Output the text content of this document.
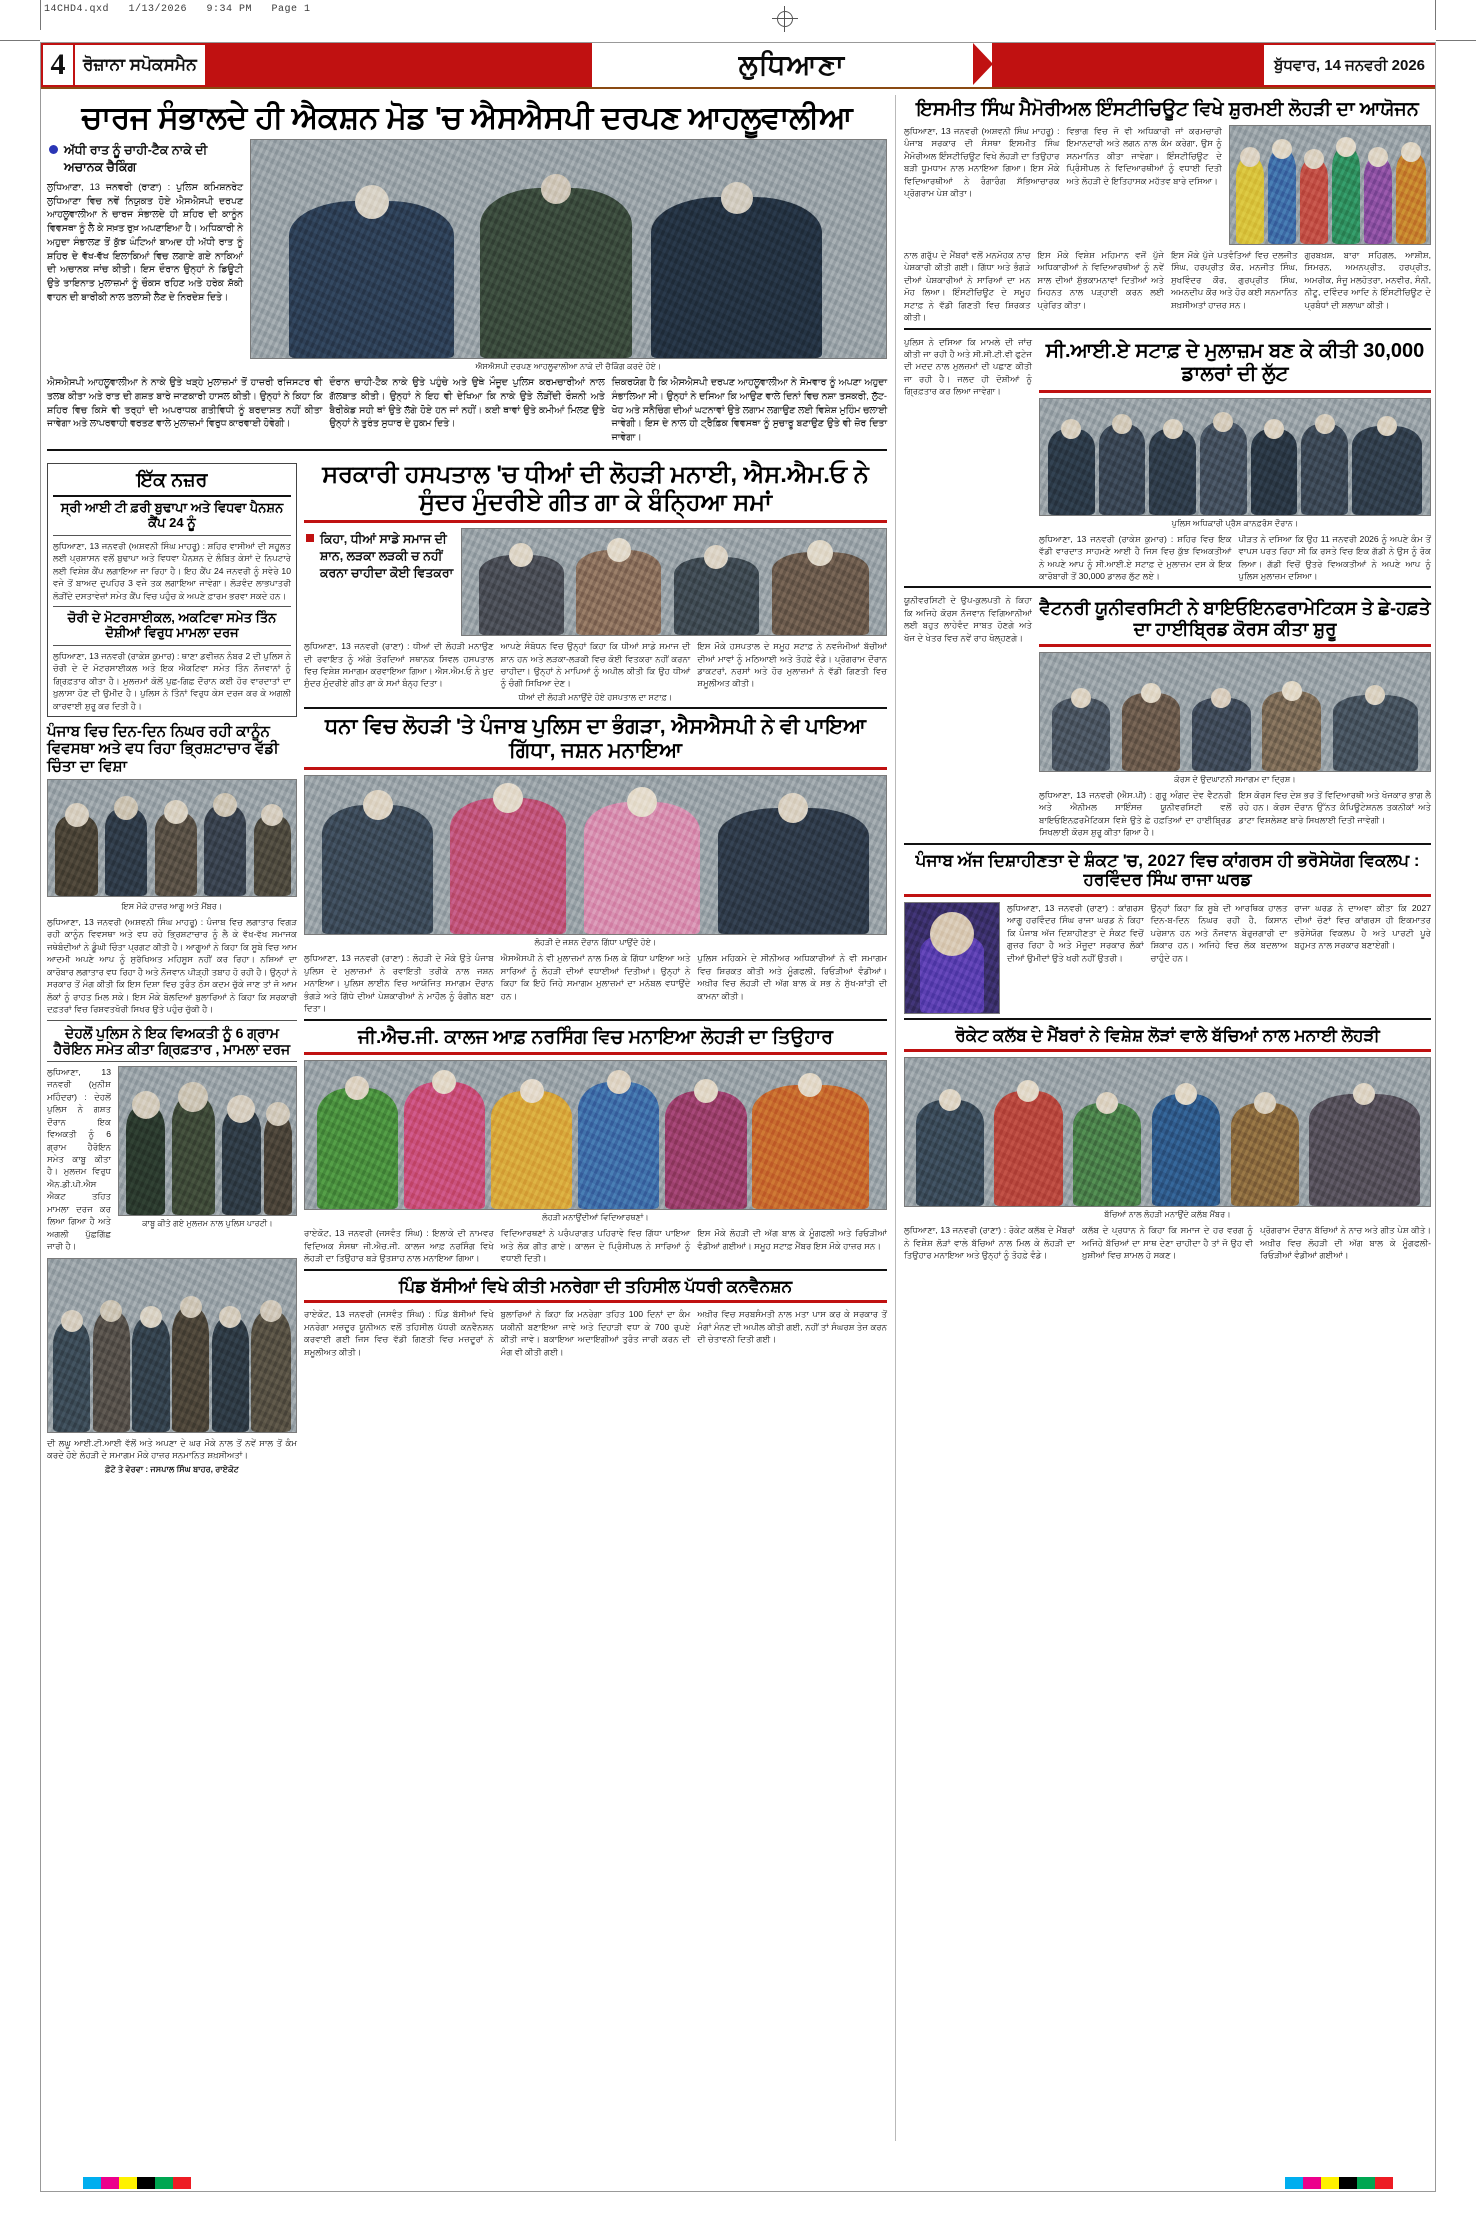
14CHD4.qxd   1/13/2026   9:34 PM   Page 1
4	ਰੋਜ਼ਾਨਾ ਸਪੋਕਸਮੈਨ	ਲੁਧਿਆਣਾ	ਬੁੱਧਵਾਰ, 14 ਜਨਵਰੀ 2026
ਚਾਰਜ ਸੰਭਾਲਦੇ ਹੀ ਐਕਸ਼ਨ ਮੋਡ 'ਚ ਐਸਐਸਪੀ ਦਰਪਣ ਆਹਲੂਵਾਲੀਆ
ਅੱਧੀ ਰਾਤ ਨੂੰ ਚਾਹੀ-ਟੈਕ ਨਾਕੇ ਦੀ ਅਚਾਨਕ ਚੈਕਿੰਗ
ਲੁਧਿਆਣਾ, 13 ਜਨਵਰੀ (ਰਾਣਾ) : ਪੁਲਿਸ ਕਮਿਸ਼ਨਰੇਟ ਲੁਧਿਆਣਾ ਵਿਚ ਨਵੇਂ ਨਿਯੁਕਤ ਹੋਏ ਐਸਐਸਪੀ ਦਰਪਣ ਆਹਲੂਵਾਲੀਆ ਨੇ ਚਾਰਜ ਸੰਭਾਲਦੇ ਹੀ ਸ਼ਹਿਰ ਦੀ ਕਾਨੂੰਨ ਵਿਵਸਥਾ ਨੂੰ ਲੈ ਕੇ ਸਖ਼ਤ ਰੁਖ਼ ਅਪਣਾਇਆ ਹੈ। ਅਧਿਕਾਰੀ ਨੇ ਅਹੁਦਾ ਸੰਭਾਲਣ ਤੋਂ ਕੁੱਝ ਘੰਟਿਆਂ ਬਾਅਦ ਹੀ ਅੱਧੀ ਰਾਤ ਨੂੰ ਸ਼ਹਿਰ ਦੇ ਵੱਖ-ਵੱਖ ਇਲਾਕਿਆਂ ਵਿਚ ਲਗਾਏ ਗਏ ਨਾਕਿਆਂ ਦੀ ਅਚਾਨਕ ਜਾਂਚ ਕੀਤੀ। ਇਸ ਦੌਰਾਨ ਉਨ੍ਹਾਂ ਨੇ ਡਿਊਟੀ ਉਤੇ ਤਾਇਨਾਤ ਮੁਲਾਜ਼ਮਾਂ ਨੂੰ ਚੌਕਸ ਰਹਿਣ ਅਤੇ ਹਰੇਕ ਸ਼ੱਕੀ ਵਾਹਨ ਦੀ ਬਾਰੀਕੀ ਨਾਲ ਤਲਾਸ਼ੀ ਲੈਣ ਦੇ ਨਿਰਦੇਸ਼ ਦਿਤੇ।
ਐਸਐਸਪੀ ਦਰਪਣ ਆਹਲੂਵਾਲੀਆ ਨਾਕੇ ਦੀ ਚੈਕਿੰਗ ਕਰਦੇ ਹੋਏ।
ਐਸਐਸਪੀ ਆਹਲੂਵਾਲੀਆ ਨੇ ਨਾਕੇ ਉਤੇ ਖੜ੍ਹੇ ਮੁਲਾਜ਼ਮਾਂ ਤੋਂ ਹਾਜ਼ਰੀ ਰਜਿਸਟਰ ਵੀ ਤਲਬ ਕੀਤਾ ਅਤੇ ਰਾਤ ਦੀ ਗਸ਼ਤ ਬਾਰੇ ਜਾਣਕਾਰੀ ਹਾਸਲ ਕੀਤੀ। ਉਨ੍ਹਾਂ ਨੇ ਕਿਹਾ ਕਿ ਸ਼ਹਿਰ ਵਿਚ ਕਿਸੇ ਵੀ ਤਰ੍ਹਾਂ ਦੀ ਅਪਰਾਧਕ ਗਤੀਵਿਧੀ ਨੂੰ ਬਰਦਾਸ਼ਤ ਨਹੀਂ ਕੀਤਾ ਜਾਵੇਗਾ ਅਤੇ ਲਾਪਰਵਾਹੀ ਵਰਤਣ ਵਾਲੇ ਮੁਲਾਜ਼ਮਾਂ ਵਿਰੁਧ ਕਾਰਵਾਈ ਹੋਵੇਗੀ।
ਦੌਰਾਨ ਚਾਹੀ-ਟੈਕ ਨਾਕੇ ਉਤੇ ਪਹੁੰਚੇ ਅਤੇ ਉਥੇ ਮੌਜੂਦ ਪੁਲਿਸ ਕਰਮਚਾਰੀਆਂ ਨਾਲ ਗੱਲਬਾਤ ਕੀਤੀ। ਉਨ੍ਹਾਂ ਨੇ ਇਹ ਵੀ ਦੇਖਿਆ ਕਿ ਨਾਕੇ ਉਤੇ ਲੋੜੀਂਦੀ ਰੌਸ਼ਨੀ ਅਤੇ ਬੈਰੀਕੇਡ ਸਹੀ ਥਾਂ ਉਤੇ ਲੱਗੇ ਹੋਏ ਹਨ ਜਾਂ ਨਹੀਂ। ਕਈ ਥਾਵਾਂ ਉਤੇ ਕਮੀਆਂ ਮਿਲਣ ਉਤੇ ਉਨ੍ਹਾਂ ਨੇ ਤੁਰੰਤ ਸੁਧਾਰ ਦੇ ਹੁਕਮ ਦਿਤੇ।
ਜ਼ਿਕਰਯੋਗ ਹੈ ਕਿ ਐਸਐਸਪੀ ਦਰਪਣ ਆਹਲੂਵਾਲੀਆ ਨੇ ਸੋਮਵਾਰ ਨੂੰ ਅਪਣਾ ਅਹੁਦਾ ਸੰਭਾਲਿਆ ਸੀ। ਉਨ੍ਹਾਂ ਨੇ ਦਸਿਆ ਕਿ ਆਉਣ ਵਾਲੇ ਦਿਨਾਂ ਵਿਚ ਨਸ਼ਾ ਤਸਕਰੀ, ਲੁੱਟ-ਖੋਹ ਅਤੇ ਸਨੈਚਿੰਗ ਦੀਆਂ ਘਟਨਾਵਾਂ ਉਤੇ ਲਗਾਮ ਲਗਾਉਣ ਲਈ ਵਿਸ਼ੇਸ਼ ਮੁਹਿੰਮ ਚਲਾਈ ਜਾਵੇਗੀ। ਇਸ ਦੇ ਨਾਲ ਹੀ ਟ੍ਰੈਫ਼ਿਕ ਵਿਵਸਥਾ ਨੂੰ ਸੁਚਾਰੂ ਬਣਾਉਣ ਉਤੇ ਵੀ ਜ਼ੋਰ ਦਿਤਾ ਜਾਵੇਗਾ।
ਇੱਕ ਨਜ਼ਰ
ਸ੍ਰੀ ਆਈ ਟੀ ਫ਼ਰੀ ਬੁਢਾਪਾ ਅਤੇ ਵਿਧਵਾ ਪੈਨਸ਼ਨ ਕੈਂਪ 24 ਨੂੰ
ਲੁਧਿਆਣਾ, 13 ਜਨਵਰੀ (ਅਸ਼ਵਨੀ ਸਿੰਘ ਮਾਹਰੂ) : ਸ਼ਹਿਰ ਵਾਸੀਆਂ ਦੀ ਸਹੂਲਤ ਲਈ ਪ੍ਰਸ਼ਾਸਨ ਵਲੋਂ ਬੁਢਾਪਾ ਅਤੇ ਵਿਧਵਾ ਪੈਨਸ਼ਨ ਦੇ ਲੰਬਿਤ ਕੇਸਾਂ ਦੇ ਨਿਪਟਾਰੇ ਲਈ ਵਿਸ਼ੇਸ਼ ਕੈਂਪ ਲਗਾਇਆ ਜਾ ਰਿਹਾ ਹੈ। ਇਹ ਕੈਂਪ 24 ਜਨਵਰੀ ਨੂੰ ਸਵੇਰੇ 10 ਵਜੇ ਤੋਂ ਬਾਅਦ ਦੁਪਹਿਰ 3 ਵਜੇ ਤਕ ਲਗਾਇਆ ਜਾਵੇਗਾ। ਲੋੜਵੰਦ ਲਾਭਪਾਤਰੀ ਲੋੜੀਂਦੇ ਦਸਤਾਵੇਜ਼ਾਂ ਸਮੇਤ ਕੈਂਪ ਵਿਚ ਪਹੁੰਚ ਕੇ ਅਪਣੇ ਫ਼ਾਰਮ ਭਰਵਾ ਸਕਦੇ ਹਨ।
ਚੋਰੀ ਦੇ ਮੋਟਰਸਾਈਕਲ, ਅਕਟਿਵਾ ਸਮੇਤ ਤਿੰਨ ਦੋਸ਼ੀਆਂ ਵਿਰੁਧ ਮਾਮਲਾ ਦਰਜ
ਲੁਧਿਆਣਾ, 13 ਜਨਵਰੀ (ਰਾਕੇਸ਼ ਕੁਮਾਰ) : ਥਾਣਾ ਡਵੀਜ਼ਨ ਨੰਬਰ 2 ਦੀ ਪੁਲਿਸ ਨੇ ਚੋਰੀ ਦੇ ਦੋ ਮੋਟਰਸਾਈਕਲ ਅਤੇ ਇਕ ਐਕਟਿਵਾ ਸਮੇਤ ਤਿੰਨ ਨੌਜਵਾਨਾਂ ਨੂੰ ਗ੍ਰਿਫ਼ਤਾਰ ਕੀਤਾ ਹੈ। ਮੁਲਜ਼ਮਾਂ ਕੋਲੋਂ ਪੁਛ-ਗਿਛ ਦੌਰਾਨ ਕਈ ਹੋਰ ਵਾਰਦਾਤਾਂ ਦਾ ਖ਼ੁਲਾਸਾ ਹੋਣ ਦੀ ਉਮੀਦ ਹੈ। ਪੁਲਿਸ ਨੇ ਤਿੰਨਾਂ ਵਿਰੁਧ ਕੇਸ ਦਰਜ ਕਰ ਕੇ ਅਗਲੀ ਕਾਰਵਾਈ ਸ਼ੁਰੂ ਕਰ ਦਿਤੀ ਹੈ।
ਪੰਜਾਬ ਵਿਚ ਦਿਨ-ਦਿਨ ਨਿਘਰ ਰਹੀ ਕਾਨੂੰਨ ਵਿਵਸਥਾ ਅਤੇ ਵਧ ਰਿਹਾ ਭ੍ਰਿਸ਼ਟਾਚਾਰ ਵੱਡੀ ਚਿੰਤਾ ਦਾ ਵਿਸ਼ਾ
ਇਸ ਮੌਕੇ ਹਾਜ਼ਰ ਆਗੂ ਅਤੇ ਮੈਂਬਰ।
ਲੁਧਿਆਣਾ, 13 ਜਨਵਰੀ (ਅਸ਼ਵਨੀ ਸਿੰਘ ਮਾਹਰੂ) : ਪੰਜਾਬ ਵਿਚ ਲਗਾਤਾਰ ਵਿਗੜ ਰਹੀ ਕਾਨੂੰਨ ਵਿਵਸਥਾ ਅਤੇ ਵਧ ਰਹੇ ਭ੍ਰਿਸ਼ਟਾਚਾਰ ਨੂੰ ਲੈ ਕੇ ਵੱਖ-ਵੱਖ ਸਮਾਜਕ ਜਥੇਬੰਦੀਆਂ ਨੇ ਡੂੰਘੀ ਚਿੰਤਾ ਪ੍ਰਗਟ ਕੀਤੀ ਹੈ। ਆਗੂਆਂ ਨੇ ਕਿਹਾ ਕਿ ਸੂਬੇ ਵਿਚ ਆਮ ਆਦਮੀ ਅਪਣੇ ਆਪ ਨੂੰ ਸੁਰੱਖਿਅਤ ਮਹਿਸੂਸ ਨਹੀਂ ਕਰ ਰਿਹਾ। ਨਸ਼ਿਆਂ ਦਾ ਕਾਰੋਬਾਰ ਲਗਾਤਾਰ ਵਧ ਰਿਹਾ ਹੈ ਅਤੇ ਨੌਜਵਾਨ ਪੀੜ੍ਹੀ ਤਬਾਹ ਹੋ ਰਹੀ ਹੈ। ਉਨ੍ਹਾਂ ਨੇ ਸਰਕਾਰ ਤੋਂ ਮੰਗ ਕੀਤੀ ਕਿ ਇਸ ਦਿਸ਼ਾ ਵਿਚ ਤੁਰੰਤ ਠੋਸ ਕਦਮ ਚੁੱਕੇ ਜਾਣ ਤਾਂ ਜੋ ਆਮ ਲੋਕਾਂ ਨੂੰ ਰਾਹਤ ਮਿਲ ਸਕੇ। ਇਸ ਮੌਕੇ ਬੋਲਦਿਆਂ ਬੁਲਾਰਿਆਂ ਨੇ ਕਿਹਾ ਕਿ ਸਰਕਾਰੀ ਦਫ਼ਤਰਾਂ ਵਿਚ ਰਿਸ਼ਵਤਖੋਰੀ ਸਿਖਰ ਉਤੇ ਪਹੁੰਚ ਚੁੱਕੀ ਹੈ।
ਦੇਹਲੋਂ ਪੁਲਿਸ ਨੇ ਇਕ ਵਿਅਕਤੀ ਨੂੰ 6 ਗ੍ਰਾਮ ਹੈਰੋਇਨ ਸਮੇਤ ਕੀਤਾ ਗ੍ਰਿਫ਼ਤਾਰ , ਮਾਮਲਾ ਦਰਜ
ਲੁਧਿਆਣਾ, 13 ਜਨਵਰੀ (ਮੁਨੀਸ਼ ਮਹਿੰਦਰਾ) : ਦੇਹਲੋਂ ਪੁਲਿਸ ਨੇ ਗਸ਼ਤ ਦੌਰਾਨ ਇਕ ਵਿਅਕਤੀ ਨੂੰ 6 ਗ੍ਰਾਮ ਹੈਰੋਇਨ ਸਮੇਤ ਕਾਬੂ ਕੀਤਾ ਹੈ। ਮੁਲਜ਼ਮ ਵਿਰੁਧ ਐਨ.ਡੀ.ਪੀ.ਐਸ ਐਕਟ ਤਹਿਤ ਮਾਮਲਾ ਦਰਜ ਕਰ ਲਿਆ ਗਿਆ ਹੈ ਅਤੇ ਅਗਲੀ ਪੁੱਛਗਿੱਛ ਜਾਰੀ ਹੈ।
ਕਾਬੂ ਕੀਤੇ ਗਏ ਮੁਲਜ਼ਮ ਨਾਲ ਪੁਲਿਸ ਪਾਰਟੀ।
ਦੀ ਲਘੂ ਆਈ.ਟੀ.ਆਈ ਵੱਲੋਂ ਅਤੇ ਅਪਣਾ ਦੇ ਘਰ ਮੌਕੇ ਨਾਲ ਤੋਂ ਨਵੇਂ ਸਾਲ ਤੋਂ ਕੰਮ ਕਰਦੇ ਹੋਏ ਲੋਹੜੀ ਦੇ ਸਮਾਗਮ ਮੌਕੇ ਹਾਜ਼ਰ ਸਨਮਾਨਿਤ ਸ਼ਖ਼ਸੀਅਤਾਂ।
ਫ਼ੋਟੋ ਤੇ ਵੇਰਵਾ : ਜਸਪਾਲ ਸਿੰਘ ਬਾਹਰ, ਰਾਏਕੋਟ
ਸਰਕਾਰੀ ਹਸਪਤਾਲ 'ਚ ਧੀਆਂ ਦੀ ਲੋਹੜੀ ਮਨਾਈ, ਐਸ.ਐਮ.ਓ ਨੇ ਸੁੰਦਰ ਮੁੰਦਰੀਏ ਗੀਤ ਗਾ ਕੇ ਬੰਨ੍ਹਿਆ ਸਮਾਂ
ਕਿਹਾ, ਧੀਆਂ ਸਾਡੇ ਸਮਾਜ ਦੀ ਸ਼ਾਨ, ਲੜਕਾ ਲੜਕੀ ਚ ਨਹੀਂ ਕਰਨਾ ਚਾਹੀਦਾ ਕੋਈ ਵਿਤਕਰਾ
ਲੁਧਿਆਣਾ, 13 ਜਨਵਰੀ (ਰਾਣਾ) : ਧੀਆਂ ਦੀ ਲੋਹੜੀ ਮਨਾਉਣ ਦੀ ਰਵਾਇਤ ਨੂੰ ਅੱਗੇ ਤੋਰਦਿਆਂ ਸਥਾਨਕ ਸਿਵਲ ਹਸਪਤਾਲ ਵਿਚ ਵਿਸ਼ੇਸ਼ ਸਮਾਗਮ ਕਰਵਾਇਆ ਗਿਆ। ਐਸ.ਐਮ.ਓ ਨੇ ਖ਼ੁਦ ਸੁੰਦਰ ਮੁੰਦਰੀਏ ਗੀਤ ਗਾ ਕੇ ਸਮਾਂ ਬੰਨ੍ਹ ਦਿਤਾ।
ਆਪਣੇ ਸੰਬੋਧਨ ਵਿਚ ਉਨ੍ਹਾਂ ਕਿਹਾ ਕਿ ਧੀਆਂ ਸਾਡੇ ਸਮਾਜ ਦੀ ਸ਼ਾਨ ਹਨ ਅਤੇ ਲੜਕਾ-ਲੜਕੀ ਵਿਚ ਕੋਈ ਵਿਤਕਰਾ ਨਹੀਂ ਕਰਨਾ ਚਾਹੀਦਾ। ਉਨ੍ਹਾਂ ਨੇ ਮਾਪਿਆਂ ਨੂੰ ਅਪੀਲ ਕੀਤੀ ਕਿ ਉਹ ਧੀਆਂ ਨੂੰ ਚੰਗੀ ਸਿਖਿਆ ਦੇਣ।
ਇਸ ਮੌਕੇ ਹਸਪਤਾਲ ਦੇ ਸਮੂਹ ਸਟਾਫ਼ ਨੇ ਨਵਜੰਮੀਆਂ ਬੱਚੀਆਂ ਦੀਆਂ ਮਾਵਾਂ ਨੂੰ ਮਠਿਆਈ ਅਤੇ ਤੋਹਫ਼ੇ ਵੰਡੇ। ਪ੍ਰੋਗਰਾਮ ਦੌਰਾਨ ਡਾਕਟਰਾਂ, ਨਰਸਾਂ ਅਤੇ ਹੋਰ ਮੁਲਾਜ਼ਮਾਂ ਨੇ ਵੱਡੀ ਗਿਣਤੀ ਵਿਚ ਸ਼ਮੂਲੀਅਤ ਕੀਤੀ।
ਧੀਆਂ ਦੀ ਲੋਹੜੀ ਮਨਾਉਂਦੇ ਹੋਏ ਹਸਪਤਾਲ ਦਾ ਸਟਾਫ਼।
ਧਨਾ ਵਿਚ ਲੋਹੜੀ 'ਤੇ ਪੰਜਾਬ ਪੁਲਿਸ ਦਾ ਭੰਗੜਾ, ਐਸਐਸਪੀ ਨੇ ਵੀ ਪਾਇਆ ਗਿੱਧਾ, ਜਸ਼ਨ ਮਨਾਇਆ
ਲੋਹੜੀ ਦੇ ਜਸ਼ਨ ਦੌਰਾਨ ਗਿੱਧਾ ਪਾਉਂਦੇ ਹੋਏ।
ਲੁਧਿਆਣਾ, 13 ਜਨਵਰੀ (ਰਾਣਾ) : ਲੋਹੜੀ ਦੇ ਮੌਕੇ ਉਤੇ ਪੰਜਾਬ ਪੁਲਿਸ ਦੇ ਮੁਲਾਜ਼ਮਾਂ ਨੇ ਰਵਾਇਤੀ ਤਰੀਕੇ ਨਾਲ ਜਸ਼ਨ ਮਨਾਇਆ। ਪੁਲਿਸ ਲਾਈਨ ਵਿਚ ਆਯੋਜਿਤ ਸਮਾਗਮ ਦੌਰਾਨ ਭੰਗੜੇ ਅਤੇ ਗਿੱਧੇ ਦੀਆਂ ਪੇਸ਼ਕਾਰੀਆਂ ਨੇ ਮਾਹੌਲ ਨੂੰ ਰੰਗੀਨ ਬਣਾ ਦਿਤਾ।
ਐਸਐਸਪੀ ਨੇ ਵੀ ਮੁਲਾਜ਼ਮਾਂ ਨਾਲ ਮਿਲ ਕੇ ਗਿੱਧਾ ਪਾਇਆ ਅਤੇ ਸਾਰਿਆਂ ਨੂੰ ਲੋਹੜੀ ਦੀਆਂ ਵਧਾਈਆਂ ਦਿਤੀਆਂ। ਉਨ੍ਹਾਂ ਨੇ ਕਿਹਾ ਕਿ ਇਹੋ ਜਿਹੇ ਸਮਾਗਮ ਮੁਲਾਜ਼ਮਾਂ ਦਾ ਮਨੋਬਲ ਵਧਾਉਂਦੇ ਹਨ।
ਪੁਲਿਸ ਮਹਿਕਮੇ ਦੇ ਸੀਨੀਅਰ ਅਧਿਕਾਰੀਆਂ ਨੇ ਵੀ ਸਮਾਗਮ ਵਿਚ ਸ਼ਿਰਕਤ ਕੀਤੀ ਅਤੇ ਮੂੰਗਫਲੀ, ਰਿਓੜੀਆਂ ਵੰਡੀਆਂ। ਅਖ਼ੀਰ ਵਿਚ ਲੋਹੜੀ ਦੀ ਅੱਗ ਬਾਲ ਕੇ ਸਭ ਨੇ ਸੁੱਖ-ਸ਼ਾਂਤੀ ਦੀ ਕਾਮਨਾ ਕੀਤੀ।
ਜੀ.ਐਚ.ਜੀ. ਕਾਲਜ ਆਫ਼ ਨਰਸਿੰਗ ਵਿਚ ਮਨਾਇਆ ਲੋਹੜੀ ਦਾ ਤਿਉਹਾਰ
ਲੋਹੜੀ ਮਨਾਉਂਦੀਆਂ ਵਿਦਿਆਰਥਣਾਂ।
ਰਾਏਕੋਟ, 13 ਜਨਵਰੀ (ਜਸਵੰਤ ਸਿੰਘ) : ਇਲਾਕੇ ਦੀ ਨਾਮਵਰ ਵਿਦਿਅਕ ਸੰਸਥਾ ਜੀ.ਐਚ.ਜੀ. ਕਾਲਜ ਆਫ਼ ਨਰਸਿੰਗ ਵਿਖੇ ਲੋਹੜੀ ਦਾ ਤਿਉਹਾਰ ਬੜੇ ਉਤਸ਼ਾਹ ਨਾਲ ਮਨਾਇਆ ਗਿਆ।
ਵਿਦਿਆਰਥਣਾਂ ਨੇ ਪਰੰਪਰਾਗਤ ਪਹਿਰਾਵੇ ਵਿਚ ਗਿੱਧਾ ਪਾਇਆ ਅਤੇ ਲੋਕ ਗੀਤ ਗਾਏ। ਕਾਲਜ ਦੇ ਪ੍ਰਿੰਸੀਪਲ ਨੇ ਸਾਰਿਆਂ ਨੂੰ ਵਧਾਈ ਦਿਤੀ।
ਇਸ ਮੌਕੇ ਲੋਹੜੀ ਦੀ ਅੱਗ ਬਾਲ ਕੇ ਮੂੰਗਫਲੀ ਅਤੇ ਰਿਓੜੀਆਂ ਵੰਡੀਆਂ ਗਈਆਂ। ਸਮੂਹ ਸਟਾਫ਼ ਮੈਂਬਰ ਇਸ ਮੌਕੇ ਹਾਜ਼ਰ ਸਨ।
ਪਿੰਡ ਬੱਸੀਆਂ ਵਿਖੇ ਕੀਤੀ ਮਨਰੇਗਾ ਦੀ ਤਹਿਸੀਲ ਪੱਧਰੀ ਕਨਵੈਨਸ਼ਨ
ਰਾਏਕੋਟ, 13 ਜਨਵਰੀ (ਜਸਵੰਤ ਸਿੰਘ) : ਪਿੰਡ ਬੱਸੀਆਂ ਵਿਖੇ ਮਨਰੇਗਾ ਮਜ਼ਦੂਰ ਯੂਨੀਅਨ ਵਲੋਂ ਤਹਿਸੀਲ ਪੱਧਰੀ ਕਨਵੈਨਸ਼ਨ ਕਰਵਾਈ ਗਈ ਜਿਸ ਵਿਚ ਵੱਡੀ ਗਿਣਤੀ ਵਿਚ ਮਜ਼ਦੂਰਾਂ ਨੇ ਸ਼ਮੂਲੀਅਤ ਕੀਤੀ।
ਬੁਲਾਰਿਆਂ ਨੇ ਕਿਹਾ ਕਿ ਮਨਰੇਗਾ ਤਹਿਤ 100 ਦਿਨਾਂ ਦਾ ਕੰਮ ਯਕੀਨੀ ਬਣਾਇਆ ਜਾਵੇ ਅਤੇ ਦਿਹਾੜੀ ਵਧਾ ਕੇ 700 ਰੁਪਏ ਕੀਤੀ ਜਾਵੇ। ਬਕਾਇਆ ਅਦਾਇਗੀਆਂ ਤੁਰੰਤ ਜਾਰੀ ਕਰਨ ਦੀ ਮੰਗ ਵੀ ਕੀਤੀ ਗਈ।
ਅਖ਼ੀਰ ਵਿਚ ਸਰਬਸੰਮਤੀ ਨਾਲ ਮਤਾ ਪਾਸ ਕਰ ਕੇ ਸਰਕਾਰ ਤੋਂ ਮੰਗਾਂ ਮੰਨਣ ਦੀ ਅਪੀਲ ਕੀਤੀ ਗਈ, ਨਹੀਂ ਤਾਂ ਸੰਘਰਸ਼ ਤੇਜ਼ ਕਰਨ ਦੀ ਚੇਤਾਵਨੀ ਦਿਤੀ ਗਈ।
ਇਸਮੀਤ ਸਿੰਘ ਮੈਮੋਰੀਅਲ ਇੰਸਟੀਚਿਊਟ ਵਿਖੇ ਸ਼ੁਰਮਈ ਲੋਹੜੀ ਦਾ ਆਯੋਜਨ
ਲੁਧਿਆਣਾ, 13 ਜਨਵਰੀ (ਅਸ਼ਵਨੀ ਸਿੰਘ ਮਾਹਰੂ) : ਪੰਜਾਬ ਸਰਕਾਰ ਦੀ ਸੰਸਥਾ ਇਸਮੀਤ ਸਿੰਘ ਮੈਮੋਰੀਅਲ ਇੰਸਟੀਚਿਊਟ ਵਿਖੇ ਲੋਹੜੀ ਦਾ ਤਿਉਹਾਰ ਬੜੀ ਧੂਮਧਾਮ ਨਾਲ ਮਨਾਇਆ ਗਿਆ। ਇਸ ਮੌਕੇ ਵਿਦਿਆਰਥੀਆਂ ਨੇ ਰੰਗਾਰੰਗ ਸੱਭਿਆਚਾਰਕ ਪ੍ਰੋਗਰਾਮ ਪੇਸ਼ ਕੀਤਾ।
ਵਿਭਾਗ ਵਿਚ ਜੋ ਵੀ ਅਧਿਕਾਰੀ ਜਾਂ ਕਰਮਚਾਰੀ ਇਮਾਨਦਾਰੀ ਅਤੇ ਲਗਨ ਨਾਲ ਕੰਮ ਕਰੇਗਾ, ਉਸ ਨੂੰ ਸਨਮਾਨਿਤ ਕੀਤਾ ਜਾਵੇਗਾ। ਇੰਸਟੀਚਿਊਟ ਦੇ ਪ੍ਰਿੰਸੀਪਲ ਨੇ ਵਿਦਿਆਰਥੀਆਂ ਨੂੰ ਵਧਾਈ ਦਿਤੀ ਅਤੇ ਲੋਹੜੀ ਦੇ ਇਤਿਹਾਸਕ ਮਹੱਤਵ ਬਾਰੇ ਦਸਿਆ।
ਨਾਲ ਗਰੁੱਪ ਦੇ ਮੈਂਬਰਾਂ ਵਲੋਂ ਮਨਮੋਹਕ ਨਾਚ ਪੇਸ਼ਕਾਰੀ ਕੀਤੀ ਗਈ। ਗਿੱਧਾ ਅਤੇ ਭੰਗੜੇ ਦੀਆਂ ਪੇਸ਼ਕਾਰੀਆਂ ਨੇ ਸਾਰਿਆਂ ਦਾ ਮਨ ਮੋਹ ਲਿਆ। ਇੰਸਟੀਚਿਊਟ ਦੇ ਸਮੂਹ ਸਟਾਫ਼ ਨੇ ਵੱਡੀ ਗਿਣਤੀ ਵਿਚ ਸ਼ਿਰਕਤ ਕੀਤੀ।
ਇਸ ਮੌਕੇ ਵਿਸ਼ੇਸ਼ ਮਹਿਮਾਨ ਵਜੋਂ ਪੁੱਜੇ ਅਧਿਕਾਰੀਆਂ ਨੇ ਵਿਦਿਆਰਥੀਆਂ ਨੂੰ ਨਵੇਂ ਸਾਲ ਦੀਆਂ ਸ਼ੁੱਭਕਾਮਨਾਵਾਂ ਦਿਤੀਆਂ ਅਤੇ ਮਿਹਨਤ ਨਾਲ ਪੜ੍ਹਾਈ ਕਰਨ ਲਈ ਪ੍ਰੇਰਿਤ ਕੀਤਾ।
ਇਸ ਮੌਕੇ ਪੁੱਜੇ ਪਤਵੰਤਿਆਂ ਵਿਚ ਦਲਜੀਤ ਸਿੰਘ, ਹਰਪ੍ਰੀਤ ਕੌਰ, ਮਨਜੀਤ ਸਿੰਘ, ਸੁਖਵਿੰਦਰ ਕੌਰ, ਗੁਰਪ੍ਰੀਤ ਸਿੰਘ, ਅਮਨਦੀਪ ਕੌਰ ਅਤੇ ਹੋਰ ਕਈ ਸਨਮਾਨਿਤ ਸ਼ਖ਼ਸੀਅਤਾਂ ਹਾਜ਼ਰ ਸਨ।
ਗੁਰਬਖ਼ਸ਼, ਬਾਰਾ ਸਹਿਗਲ, ਆਸ਼ੀਸ਼, ਸਿਮਰਨ, ਅਮਨਪ੍ਰੀਤ, ਹਰਪ੍ਰੀਤ, ਅਮਰੀਕ, ਸੰਜੂ ਮਲਹੋਤਰਾ, ਮਨਵੀਰ, ਸੰਨੀ, ਨੀਟੂ, ਦਵਿੰਦਰ ਆਦਿ ਨੇ ਇੰਸਟੀਚਿਊਟ ਦੇ ਪ੍ਰਬੰਧਾਂ ਦੀ ਸ਼ਲਾਘਾ ਕੀਤੀ।
ਪੁਲਿਸ ਨੇ ਦਸਿਆ ਕਿ ਮਾਮਲੇ ਦੀ ਜਾਂਚ ਕੀਤੀ ਜਾ ਰਹੀ ਹੈ ਅਤੇ ਸੀ.ਸੀ.ਟੀ.ਵੀ ਫੁਟੇਜ ਦੀ ਮਦਦ ਨਾਲ ਮੁਲਜ਼ਮਾਂ ਦੀ ਪਛਾਣ ਕੀਤੀ ਜਾ ਰਹੀ ਹੈ। ਜਲਦ ਹੀ ਦੋਸ਼ੀਆਂ ਨੂੰ ਗ੍ਰਿਫ਼ਤਾਰ ਕਰ ਲਿਆ ਜਾਵੇਗਾ।
ਸੀ.ਆਈ.ਏ ਸਟਾਫ਼ ਦੇ ਮੁਲਾਜ਼ਮ ਬਣ ਕੇ ਕੀਤੀ 30,000 ਡਾਲਰਾਂ ਦੀ ਲੁੱਟ
ਪੁਲਿਸ ਅਧਿਕਾਰੀ ਪ੍ਰੈਸ ਕਾਨਫ਼ਰੰਸ ਦੌਰਾਨ।
ਲੁਧਿਆਣਾ, 13 ਜਨਵਰੀ (ਰਾਕੇਸ਼ ਕੁਮਾਰ) : ਸ਼ਹਿਰ ਵਿਚ ਇਕ ਵੱਡੀ ਵਾਰਦਾਤ ਸਾਹਮਣੇ ਆਈ ਹੈ ਜਿਸ ਵਿਚ ਕੁੱਝ ਵਿਅਕਤੀਆਂ ਨੇ ਅਪਣੇ ਆਪ ਨੂੰ ਸੀ.ਆਈ.ਏ ਸਟਾਫ਼ ਦੇ ਮੁਲਾਜ਼ਮ ਦਸ ਕੇ ਇਕ ਕਾਰੋਬਾਰੀ ਤੋਂ 30,000 ਡਾਲਰ ਲੁੱਟ ਲਏ।
ਪੀੜਤ ਨੇ ਦਸਿਆ ਕਿ ਉਹ 11 ਜਨਵਰੀ 2026 ਨੂੰ ਅਪਣੇ ਕੰਮ ਤੋਂ ਵਾਪਸ ਪਰਤ ਰਿਹਾ ਸੀ ਕਿ ਰਸਤੇ ਵਿਚ ਇਕ ਗੱਡੀ ਨੇ ਉਸ ਨੂੰ ਰੋਕ ਲਿਆ। ਗੱਡੀ ਵਿਚੋਂ ਉਤਰੇ ਵਿਅਕਤੀਆਂ ਨੇ ਅਪਣੇ ਆਪ ਨੂੰ ਪੁਲਿਸ ਮੁਲਾਜ਼ਮ ਦਸਿਆ।
ਯੂਨੀਵਰਸਿਟੀ ਦੇ ਉਪ-ਕੁਲਪਤੀ ਨੇ ਕਿਹਾ ਕਿ ਅਜਿਹੇ ਕੋਰਸ ਨੌਜਵਾਨ ਵਿਗਿਆਨੀਆਂ ਲਈ ਬਹੁਤ ਲਾਹੇਵੰਦ ਸਾਬਤ ਹੋਣਗੇ ਅਤੇ ਖੋਜ ਦੇ ਖੇਤਰ ਵਿਚ ਨਵੇਂ ਰਾਹ ਖੋਲ੍ਹਣਗੇ।
ਵੈਟਨਰੀ ਯੂਨੀਵਰਸਿਟੀ ਨੇ ਬਾਇਓਇਨਫਰਾਮੇਟਿਕਸ ਤੇ ਛੇ-ਹਫ਼ਤੇ ਦਾ ਹਾਈਬ੍ਰਿਡ ਕੋਰਸ ਕੀਤਾ ਸ਼ੁਰੂ
ਕੋਰਸ ਦੇ ਉਦਘਾਟਨੀ ਸਮਾਗਮ ਦਾ ਦ੍ਰਿਸ਼।
ਲੁਧਿਆਣਾ, 13 ਜਨਵਰੀ (ਐਸ.ਪੀ) : ਗੁਰੂ ਅੰਗਦ ਦੇਵ ਵੈਟਨਰੀ ਅਤੇ ਐਨੀਮਲ ਸਾਇੰਸਜ਼ ਯੂਨੀਵਰਸਿਟੀ ਵਲੋਂ ਬਾਇਓਇਨਫ਼ਰਮੈਟਿਕਸ ਵਿਸ਼ੇ ਉਤੇ ਛੇ ਹਫ਼ਤਿਆਂ ਦਾ ਹਾਈਬ੍ਰਿਡ ਸਿਖਲਾਈ ਕੋਰਸ ਸ਼ੁਰੂ ਕੀਤਾ ਗਿਆ ਹੈ।
ਇਸ ਕੋਰਸ ਵਿਚ ਦੇਸ਼ ਭਰ ਤੋਂ ਵਿਦਿਆਰਥੀ ਅਤੇ ਖੋਜਕਾਰ ਭਾਗ ਲੈ ਰਹੇ ਹਨ। ਕੋਰਸ ਦੌਰਾਨ ਉੱਨਤ ਕੰਪਿਊਟੇਸ਼ਨਲ ਤਕਨੀਕਾਂ ਅਤੇ ਡਾਟਾ ਵਿਸ਼ਲੇਸ਼ਣ ਬਾਰੇ ਸਿਖਲਾਈ ਦਿਤੀ ਜਾਵੇਗੀ।
ਪੰਜਾਬ ਅੱਜ ਦਿਸ਼ਾਹੀਣਤਾ ਦੇ ਸ਼ੰਕਟ 'ਚ, 2027 ਵਿਚ ਕਾਂਗਰਸ ਹੀ ਭਰੋਸੇਯੋਗ ਵਿਕਲਪ : ਹਰਵਿੰਦਰ ਸਿੰਘ ਰਾਜਾ ਘਰਡ
ਲੁਧਿਆਣਾ, 13 ਜਨਵਰੀ (ਰਾਣਾ) : ਕਾਂਗਰਸ ਆਗੂ ਹਰਵਿੰਦਰ ਸਿੰਘ ਰਾਜਾ ਘਰਡ ਨੇ ਕਿਹਾ ਕਿ ਪੰਜਾਬ ਅੱਜ ਦਿਸ਼ਾਹੀਣਤਾ ਦੇ ਸੰਕਟ ਵਿਚੋਂ ਗੁਜ਼ਰ ਰਿਹਾ ਹੈ ਅਤੇ ਮੌਜੂਦਾ ਸਰਕਾਰ ਲੋਕਾਂ ਦੀਆਂ ਉਮੀਦਾਂ ਉਤੇ ਖਰੀ ਨਹੀਂ ਉਤਰੀ।
ਉਨ੍ਹਾਂ ਕਿਹਾ ਕਿ ਸੂਬੇ ਦੀ ਆਰਥਿਕ ਹਾਲਤ ਦਿਨ-ਬ-ਦਿਨ ਨਿਘਰ ਰਹੀ ਹੈ, ਕਿਸਾਨ ਪਰੇਸ਼ਾਨ ਹਨ ਅਤੇ ਨੌਜਵਾਨ ਬੇਰੁਜ਼ਗਾਰੀ ਦਾ ਸ਼ਿਕਾਰ ਹਨ। ਅਜਿਹੇ ਵਿਚ ਲੋਕ ਬਦਲਾਅ ਚਾਹੁੰਦੇ ਹਨ।
ਰਾਜਾ ਘਰਡ ਨੇ ਦਾਅਵਾ ਕੀਤਾ ਕਿ 2027 ਦੀਆਂ ਚੋਣਾਂ ਵਿਚ ਕਾਂਗਰਸ ਹੀ ਇਕਮਾਤਰ ਭਰੋਸੇਯੋਗ ਵਿਕਲਪ ਹੈ ਅਤੇ ਪਾਰਟੀ ਪੂਰੇ ਬਹੁਮਤ ਨਾਲ ਸਰਕਾਰ ਬਣਾਏਗੀ।
ਰੋਕੇਟ ਕਲੱਬ ਦੇ ਮੈਂਬਰਾਂ ਨੇ ਵਿਸ਼ੇਸ਼ ਲੋੜਾਂ ਵਾਲੇ ਬੱਚਿਆਂ ਨਾਲ ਮਨਾਈ ਲੋਹੜੀ
ਬੱਚਿਆਂ ਨਾਲ ਲੋਹੜੀ ਮਨਾਉਂਦੇ ਕਲੱਬ ਮੈਂਬਰ।
ਲੁਧਿਆਣਾ, 13 ਜਨਵਰੀ (ਰਾਣਾ) : ਰੋਕੇਟ ਕਲੱਬ ਦੇ ਮੈਂਬਰਾਂ ਨੇ ਵਿਸ਼ੇਸ਼ ਲੋੜਾਂ ਵਾਲੇ ਬੱਚਿਆਂ ਨਾਲ ਮਿਲ ਕੇ ਲੋਹੜੀ ਦਾ ਤਿਉਹਾਰ ਮਨਾਇਆ ਅਤੇ ਉਨ੍ਹਾਂ ਨੂੰ ਤੋਹਫ਼ੇ ਵੰਡੇ।
ਕਲੱਬ ਦੇ ਪ੍ਰਧਾਨ ਨੇ ਕਿਹਾ ਕਿ ਸਮਾਜ ਦੇ ਹਰ ਵਰਗ ਨੂੰ ਅਜਿਹੇ ਬੱਚਿਆਂ ਦਾ ਸਾਥ ਦੇਣਾ ਚਾਹੀਦਾ ਹੈ ਤਾਂ ਜੋ ਉਹ ਵੀ ਖ਼ੁਸ਼ੀਆਂ ਵਿਚ ਸ਼ਾਮਲ ਹੋ ਸਕਣ।
ਪ੍ਰੋਗਰਾਮ ਦੌਰਾਨ ਬੱਚਿਆਂ ਨੇ ਨਾਚ ਅਤੇ ਗੀਤ ਪੇਸ਼ ਕੀਤੇ। ਅਖ਼ੀਰ ਵਿਚ ਲੋਹੜੀ ਦੀ ਅੱਗ ਬਾਲ ਕੇ ਮੂੰਗਫਲੀ-ਰਿਓੜੀਆਂ ਵੰਡੀਆਂ ਗਈਆਂ।
